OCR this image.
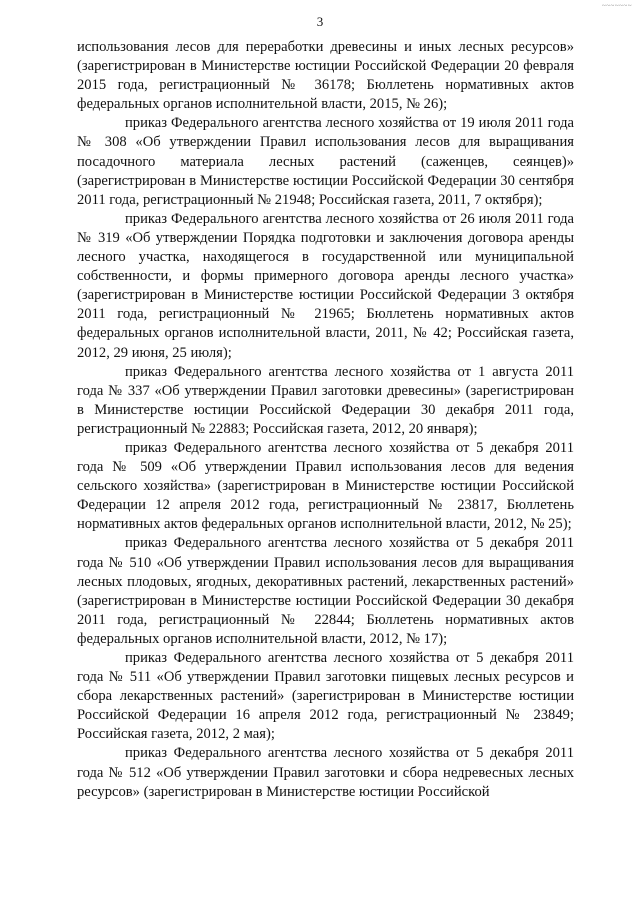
~~~~~~~
3

использования лесов для переработки древесины и иных лесных ресурсов» (зарегистрирован в Министерстве юстиции Российской Федерации 20 февраля 2015 года, регистрационный № 36178; Бюллетень нормативных актов федеральных органов исполнительной власти, 2015, № 26);

приказ Федерального агентства лесного хозяйства от 19 июля 2011 года № 308 «Об утверждении Правил использования лесов для выращивания посадочного материала лесных растений (саженцев, сеянцев)» (зарегистрирован в Министерстве юстиции Российской Федерации 30 сентября 2011 года, регистрационный № 21948; Российская газета, 2011, 7 октября);

приказ Федерального агентства лесного хозяйства от 26 июля 2011 года № 319 «Об утверждении Порядка подготовки и заключения договора аренды лесного участка, находящегося в государственной или муниципальной собственности, и формы примерного договора аренды лесного участка» (зарегистрирован в Министерстве юстиции Российской Федерации 3 октября 2011 года, регистрационный № 21965; Бюллетень нормативных актов федеральных органов исполнительной власти, 2011, № 42; Российская газета, 2012, 29 июня, 25 июля);

приказ Федерального агентства лесного хозяйства от 1 августа 2011 года № 337 «Об утверждении Правил заготовки древесины» (зарегистрирован в Министерстве юстиции Российской Федерации 30 декабря 2011 года, регистрационный № 22883; Российская газета, 2012, 20 января);

приказ Федерального агентства лесного хозяйства от 5 декабря 2011 года № 509 «Об утверждении Правил использования лесов для ведения сельского хозяйства» (зарегистрирован в Министерстве юстиции Российской Федерации 12 апреля 2012 года, регистрационный № 23817, Бюллетень нормативных актов федеральных органов исполнительной власти, 2012, № 25);

приказ Федерального агентства лесного хозяйства от 5 декабря 2011 года № 510 «Об утверждении Правил использования лесов для выращивания лесных плодовых, ягодных, декоративных растений, лекарственных растений» (зарегистрирован в Министерстве юстиции Российской Федерации 30 декабря 2011 года, регистрационный № 22844; Бюллетень нормативных актов федеральных органов исполнительной власти, 2012, № 17);

приказ Федерального агентства лесного хозяйства от 5 декабря 2011 года № 511 «Об утверждении Правил заготовки пищевых лесных ресурсов и сбора лекарственных растений» (зарегистрирован в Министерстве юстиции Российской Федерации 16 апреля 2012 года, регистрационный № 23849; Российская газета, 2012, 2 мая);

приказ Федерального агентства лесного хозяйства от 5 декабря 2011 года № 512 «Об утверждении Правил заготовки и сбора недревесных лесных ресурсов» (зарегистрирован в Министерстве юстиции Российской
